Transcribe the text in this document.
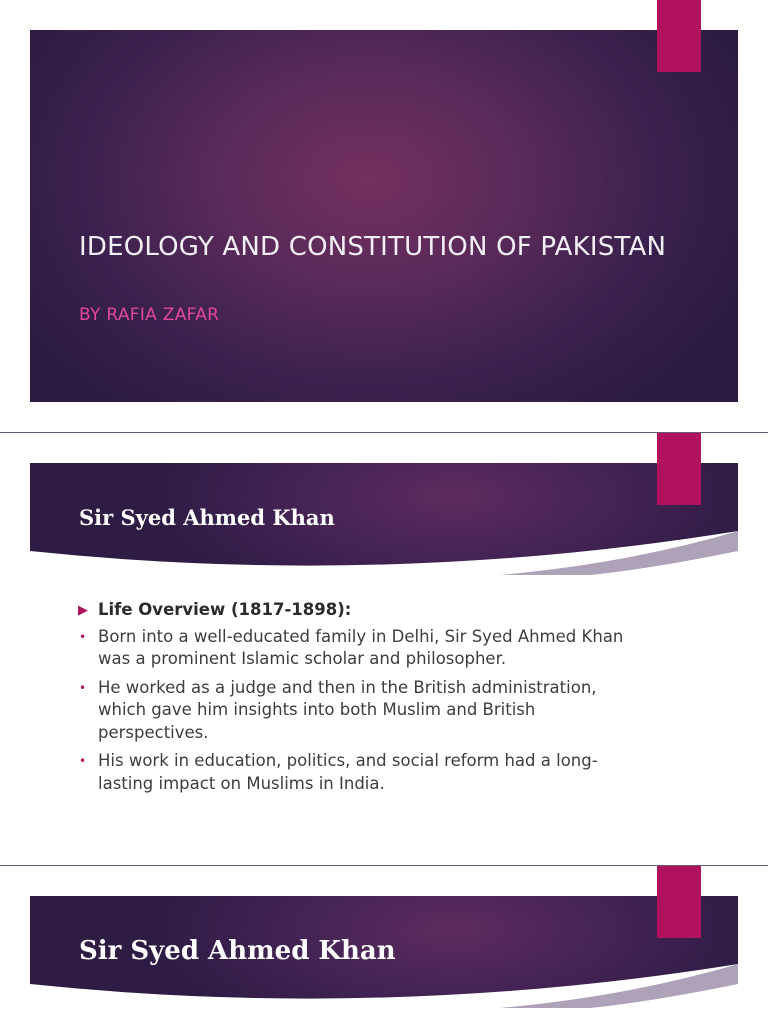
IDEOLOGY AND CONSTITUTION OF PAKISTAN
BY RAFIA ZAFAR
Sir Syed Ahmed Khan
▶ Life Overview (1817-1898):
• Born into a well-educated family in Delhi, Sir Syed Ahmed Khan was a prominent Islamic scholar and philosopher.
• He worked as a judge and then in the British administration, which gave him insights into both Muslim and British perspectives.
• His work in education, politics, and social reform had a long-lasting impact on Muslims in India.
Sir Syed Ahmed Khan
